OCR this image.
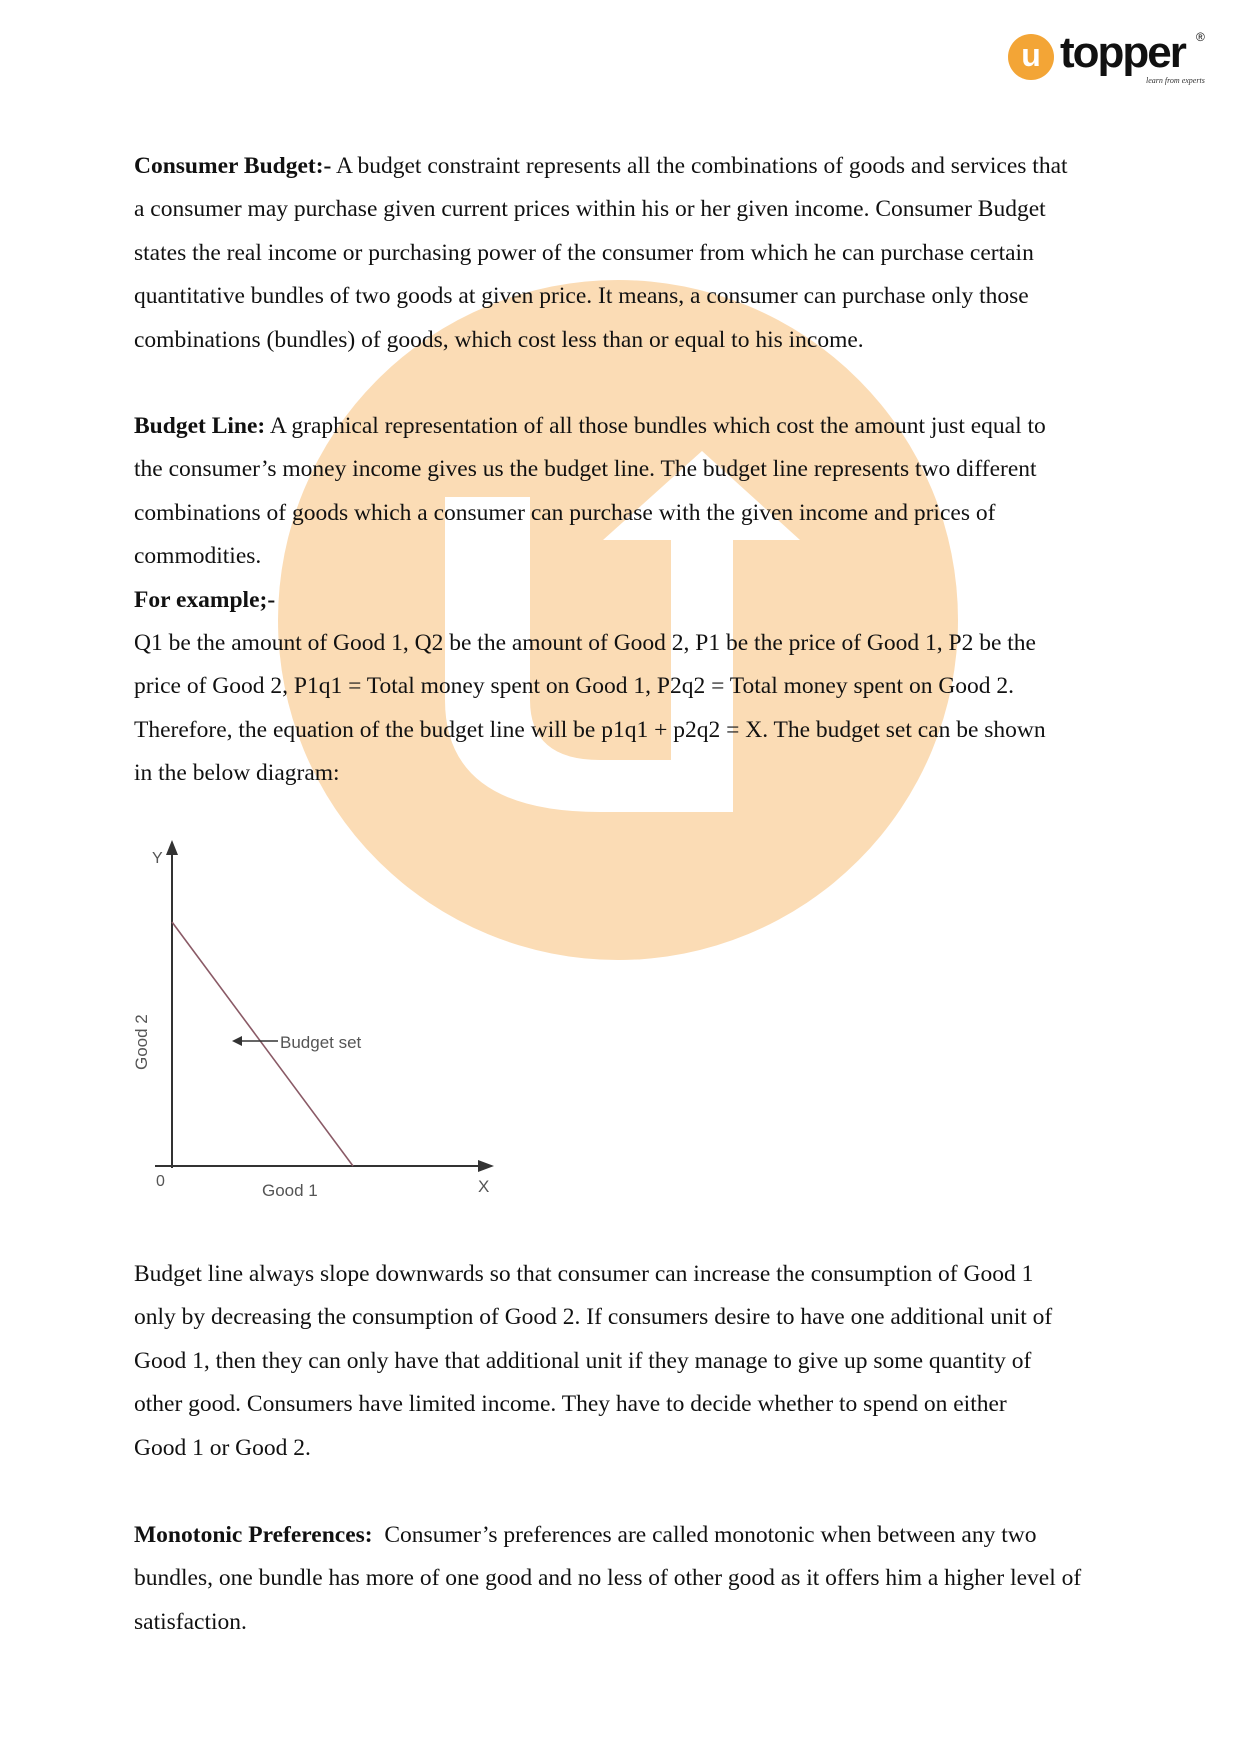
u topper ®
learn from experts
Consumer Budget:- A budget constraint represents all the combinations of goods and services that
a consumer may purchase given current prices within his or her given income. Consumer Budget
states the real income or purchasing power of the consumer from which he can purchase certain
quantitative bundles of two goods at given price. It means, a consumer can purchase only those
combinations (bundles) of goods, which cost less than or equal to his income.
Budget Line: A graphical representation of all those bundles which cost the amount just equal to
the consumer’s money income gives us the budget line. The budget line represents two different
combinations of goods which a consumer can purchase with the given income and prices of
commodities.
For example;-
Q1 be the amount of Good 1, Q2 be the amount of Good 2, P1 be the price of Good 1, P2 be the
price of Good 2, P1q1 = Total money spent on Good 1, P2q2 = Total money spent on Good 2.
Therefore, the equation of the budget line will be p1q1 + p2q2 = X. The budget set can be shown
in the below diagram:
Budget set
Y
X
0	Good 1
Good 2
Budget line always slope downwards so that consumer can increase the consumption of Good 1
only by decreasing the consumption of Good 2. If consumers desire to have one additional unit of
Good 1, then they can only have that additional unit if they manage to give up some quantity of
other good. Consumers have limited income. They have to decide whether to spend on either
Good 1 or Good 2.
Monotonic Preferences:  Consumer’s preferences are called monotonic when between any two
bundles, one bundle has more of one good and no less of other good as it offers him a higher level of
satisfaction.
